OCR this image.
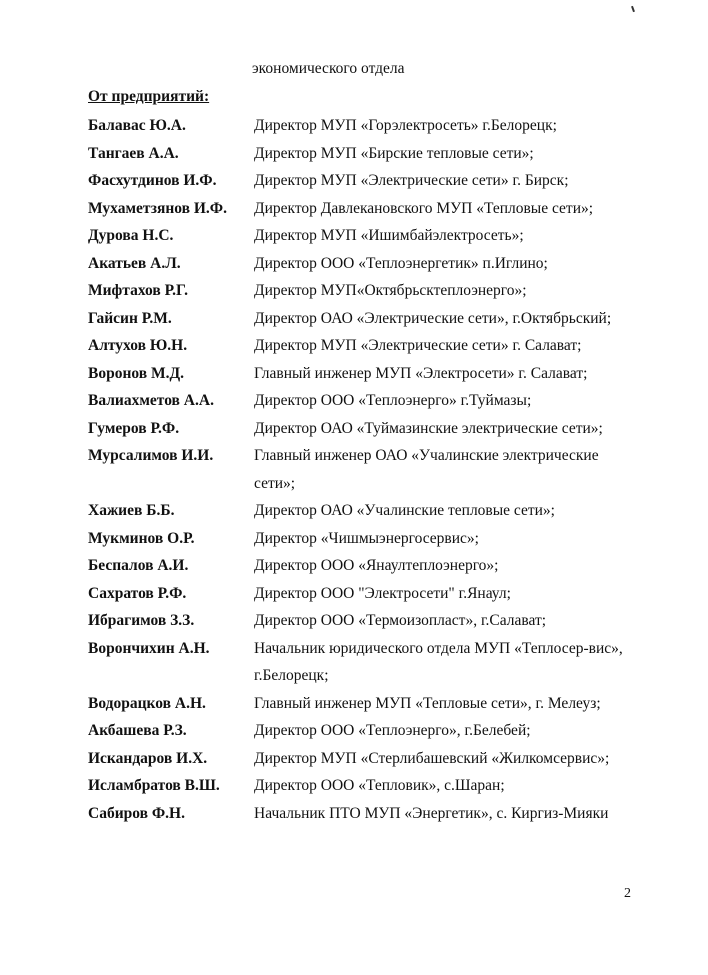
экономического отдела
От предприятий:
Балавас Ю.А.	Директор МУП «Горэлектросеть» г.Белорецк;
Тангаев А.А.	Директор МУП «Бирские тепловые сети»;
Фасхутдинов И.Ф.	Директор МУП «Электрические сети» г. Бирск;
Мухаметзянов И.Ф.	Директор Давлекановского МУП «Тепловые сети»;
Дурова Н.С.	Директор МУП «Ишимбайэлектросеть»;
Акатьев А.Л.	Директор ООО «Теплоэнергетик» п.Иглино;
Мифтахов Р.Г.	Директор МУП«Октябрьсктеплоэнерго»;
Гайсин Р.М.	Директор ОАО «Электрические сети», г.Октябрьский;
Алтухов Ю.Н.	Директор МУП «Электрические сети» г. Салават;
Воронов М.Д.	Главный инженер МУП «Электросети» г. Салават;
Валиахметов А.А.	Директор ООО «Теплоэнерго» г.Туймазы;
Гумеров Р.Ф.	Директор ОАО «Туймазинские электрические сети»;
Мурсалимов И.И.	Главный инженер ОАО «Учалинские электрические сети»;
Хажиев Б.Б.	Директор ОАО «Учалинские тепловые сети»;
Мукминов О.Р.	Директор «Чишмыэнергосервис»;
Беспалов А.И.	Директор ООО «Янаултеплоэнерго»;
Сахратов Р.Ф.	Директор ООО "Электросети" г.Янаул;
Ибрагимов З.З.	Директор ООО «Термоизопласт», г.Салават;
Ворончихин А.Н.	Начальник юридического отдела МУП «Теплосер-вис», г.Белорецк;
Водорацков А.Н.	Главный инженер МУП «Тепловые сети», г. Мелеуз;
Акбашева Р.З.	Директор ООО «Теплоэнерго», г.Белебей;
Искандаров И.Х.	Директор МУП «Стерлибашевский «Жилкомсервис»;
Исламбратов В.Ш.	Директор ООО «Тепловик», с.Шаран;
Сабиров Ф.Н.	Начальник ПТО МУП «Энергетик», с. Киргиз-Мияки
2
